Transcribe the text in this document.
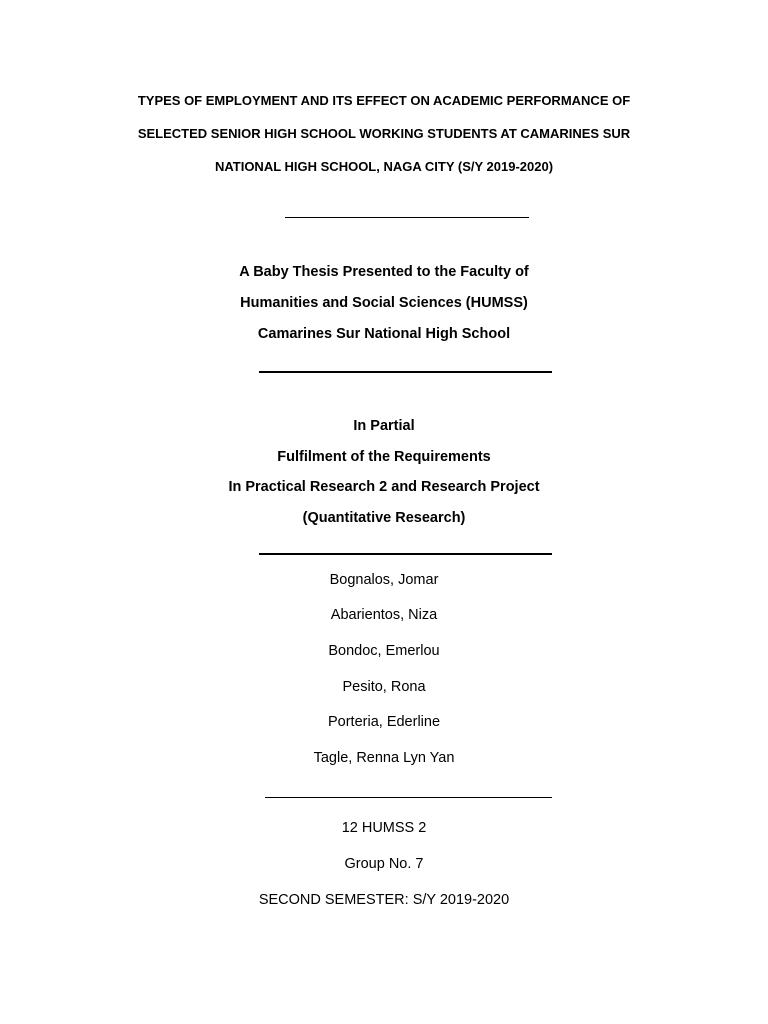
TYPES OF EMPLOYMENT AND ITS EFFECT ON ACADEMIC PERFORMANCE OF
SELECTED SENIOR HIGH SCHOOL WORKING STUDENTS AT CAMARINES SUR
NATIONAL HIGH SCHOOL, NAGA CITY (S/Y 2019-2020)
A Baby Thesis Presented to the Faculty of
Humanities and Social Sciences (HUMSS)
Camarines Sur National High School
In Partial
Fulfilment of the Requirements
In Practical Research 2 and Research Project
(Quantitative Research)
Bognalos, Jomar
Abarientos, Niza
Bondoc, Emerlou
Pesito, Rona
Porteria, Ederline
Tagle, Renna Lyn Yan
12 HUMSS 2
Group No. 7
SECOND SEMESTER: S/Y 2019-2020
